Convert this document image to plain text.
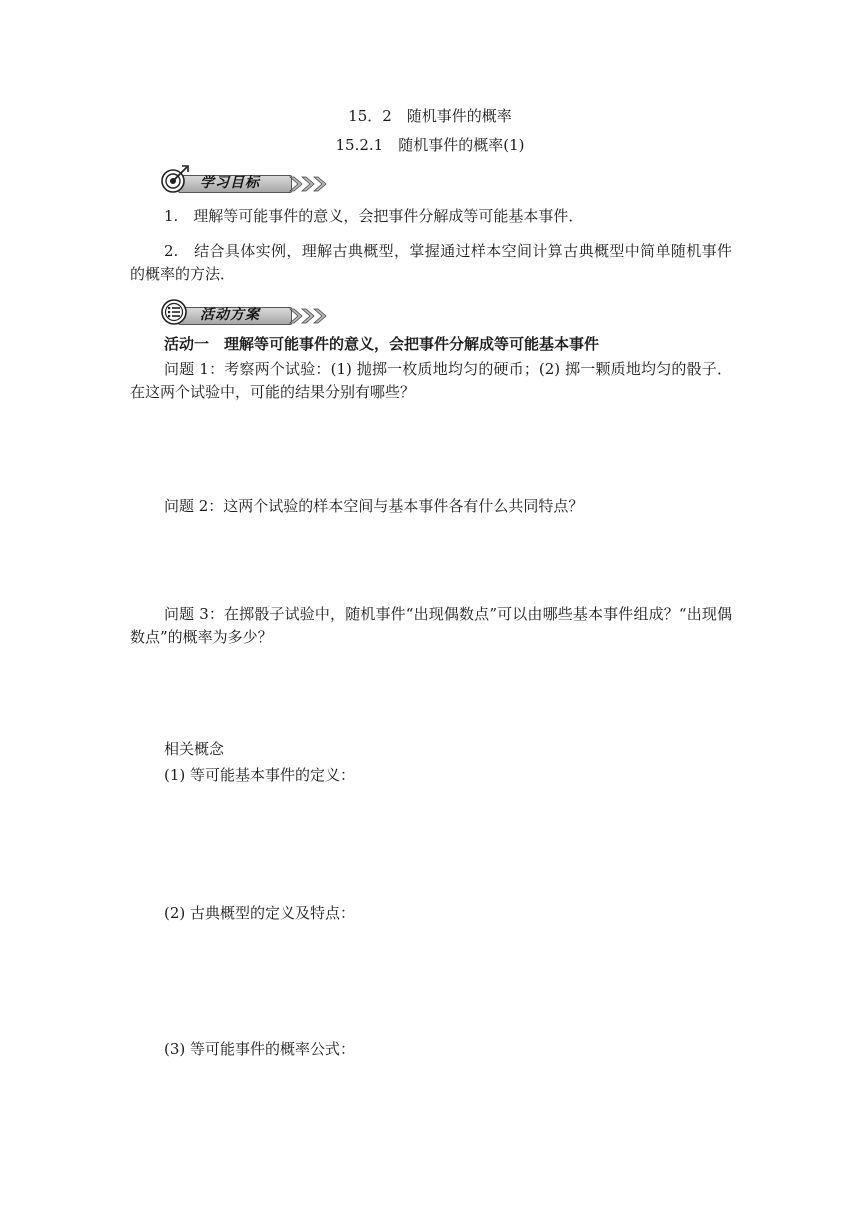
15．2　随机事件的概率
15.2.1　随机事件的概率(1)
学习目标
1.　理解等可能事件的意义，会把事件分解成等可能基本事件．
2.　结合具体实例，理解古典概型，掌握通过样本空间计算古典概型中简单随机事件的概率的方法．
活动方案
活动一　理解等可能事件的意义，会把事件分解成等可能基本事件
问题 1：考察两个试验：(1) 抛掷一枚质地均匀的硬币；(2) 掷一颗质地均匀的骰子．在这两个试验中，可能的结果分别有哪些？
问题 2：这两个试验的样本空间与基本事件各有什么共同特点？
问题 3：在掷骰子试验中，随机事件“出现偶数点”可以由哪些基本事件组成？“出现偶数点”的概率为多少？
相关概念
(1) 等可能基本事件的定义：
(2) 古典概型的定义及特点：
(3) 等可能事件的概率公式：
